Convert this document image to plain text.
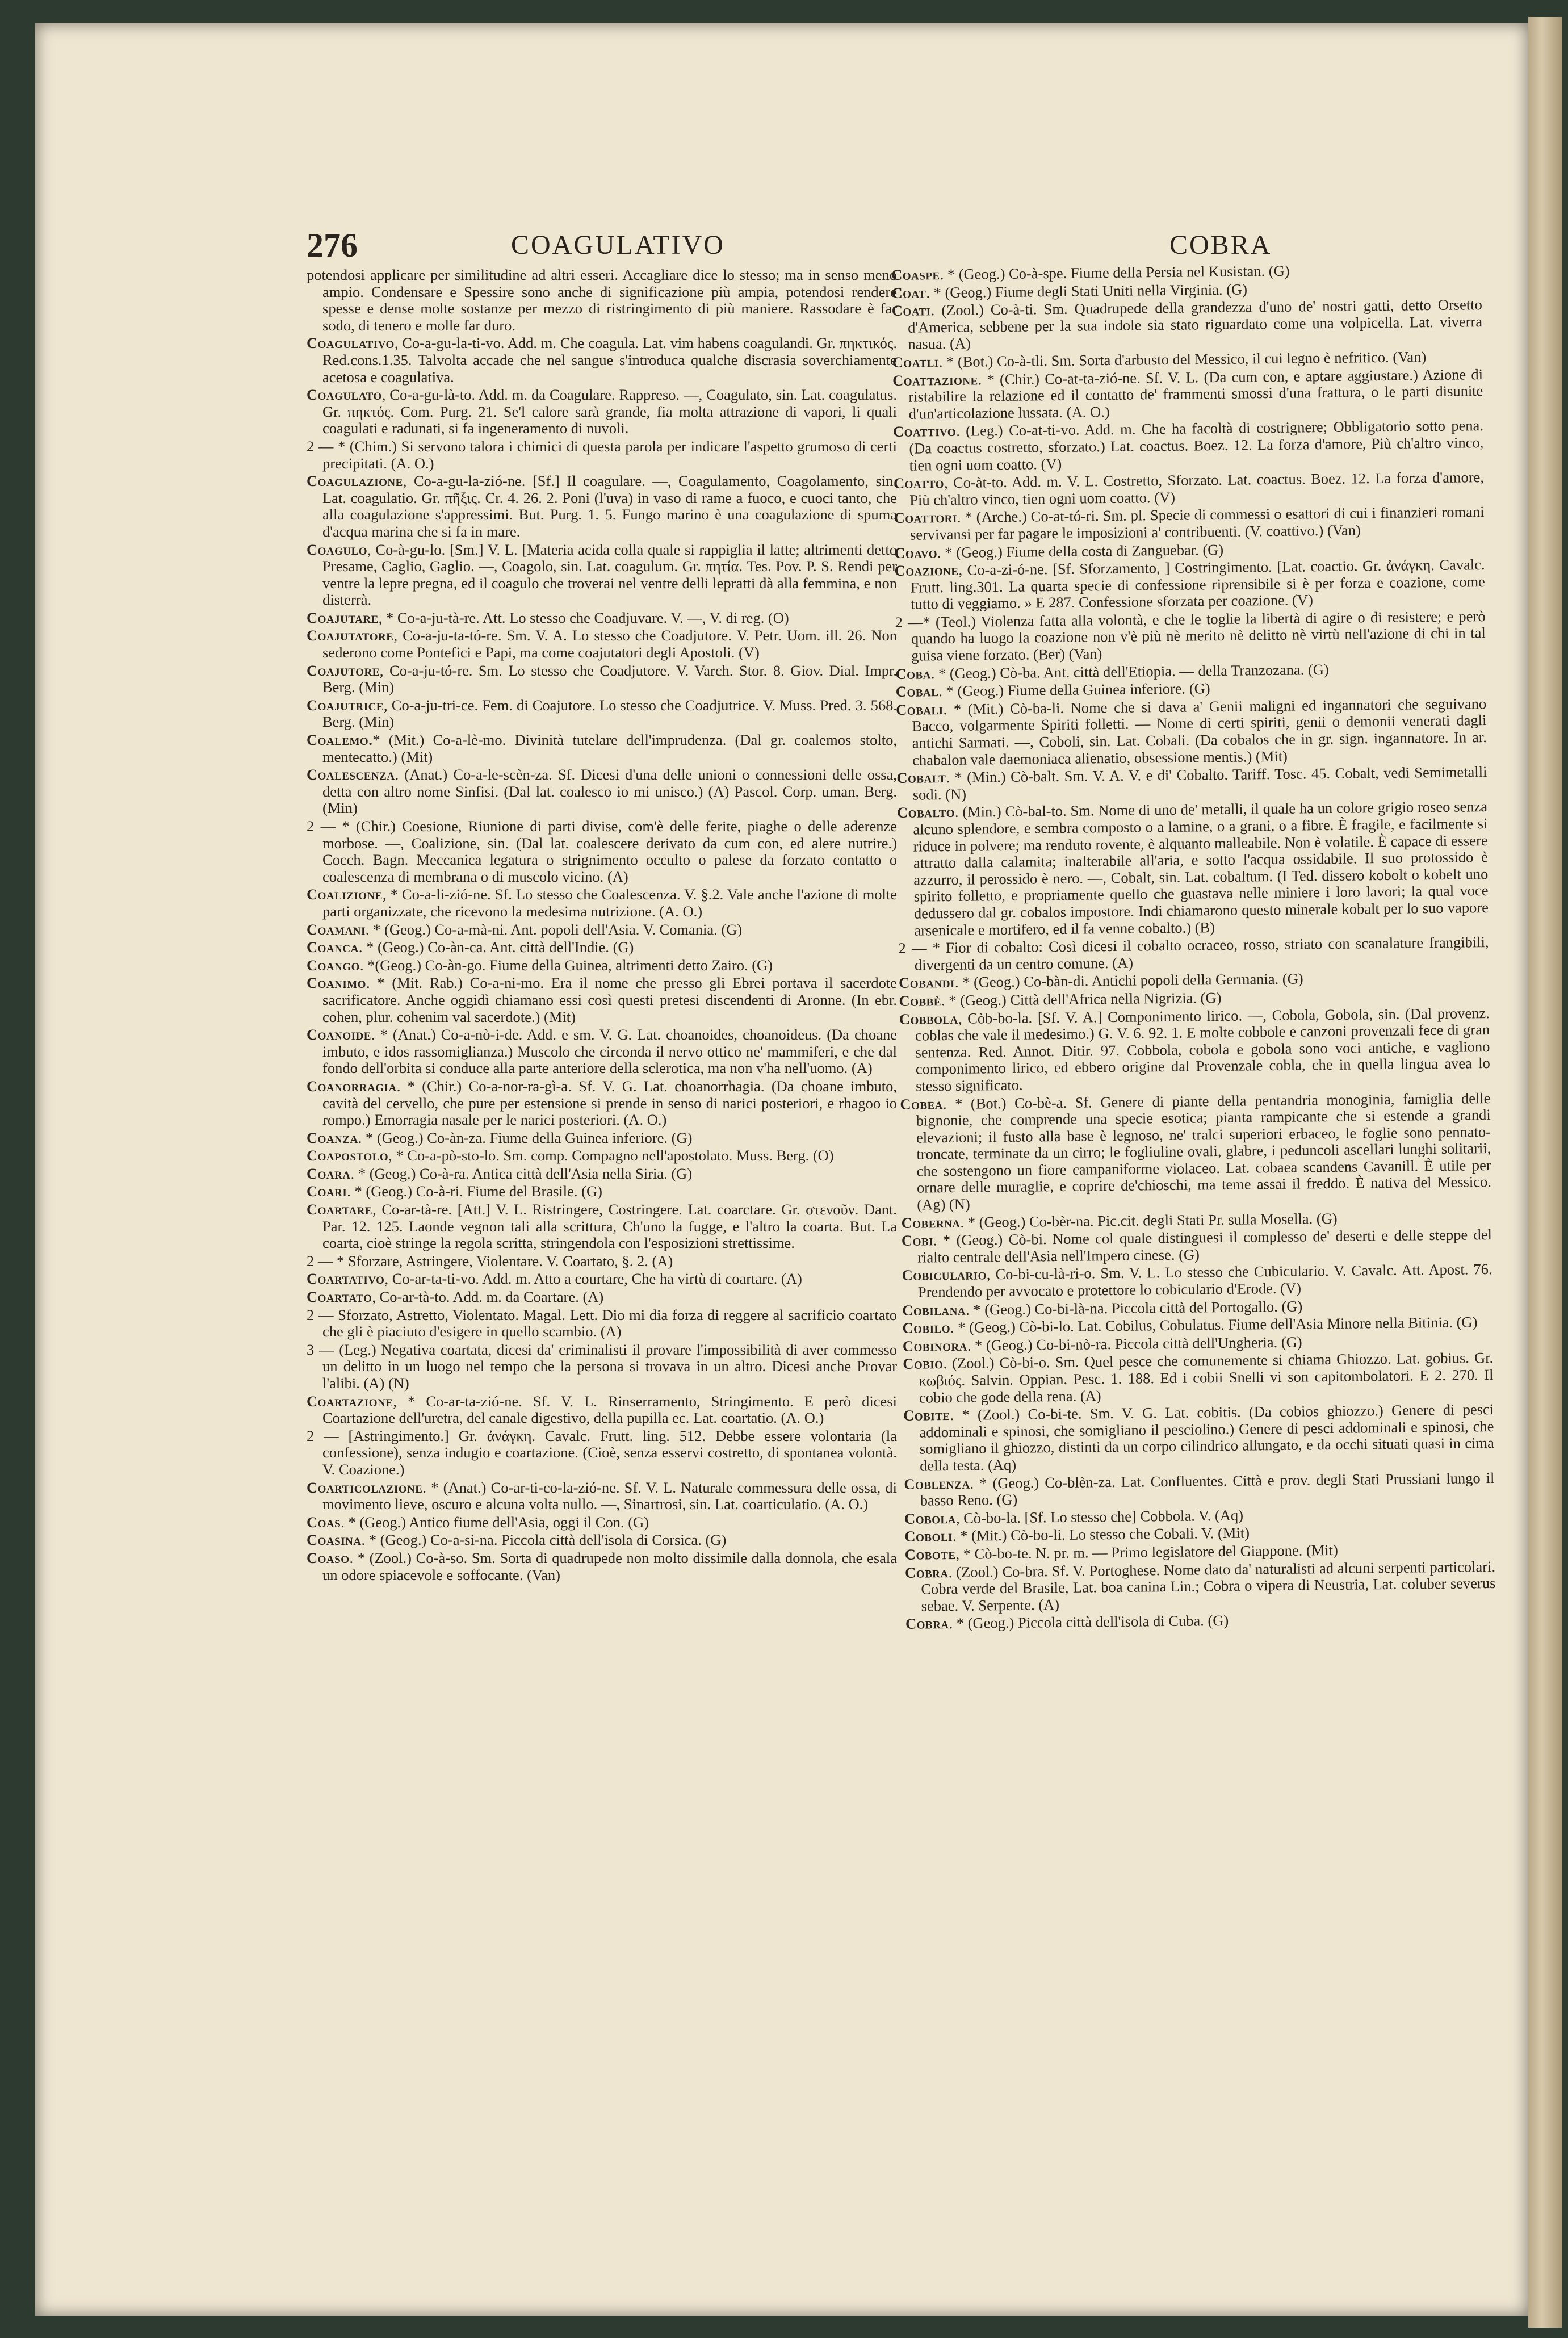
276	COAGULATIVO	COBRA

potendosi applicare per similitudine ad altri esseri. Accagliare dice lo stesso; ma in senso meno ampio. Condensare e Spessire sono anche di significazione più ampia, potendosi rendere spesse e dense molte sostanze per mezzo di ristringimento di più maniere. Rassodare è far sodo, di tenero e molle far duro.

Coagulativo, Co-a-gu-la-ti-vo. Add. m. Che coagula. Lat. vim habens coagulandi. Gr. πηκτικός. Red.cons.1.35. Talvolta accade che nel sangue s'introduca qualche discrasia soverchiamente acetosa e coagulativa.

Coagulato, Co-a-gu-là-to. Add. m. da Coagulare. Rappreso. —, Coagulato, sin. Lat. coagulatus. Gr. πηκτός. Com. Purg. 21. Se'l calore sarà grande, fia molta attrazione di vapori, li quali coagulati e radunati, si fa ingeneramento di nuvoli.

2 — * (Chim.) Si servono talora i chimici di questa parola per indicare l'aspetto grumoso di certi precipitati. (A. O.)

Coagulazione, Co-a-gu-la-zió-ne. [Sf.] Il coagulare. —, Coagulamento, Coagolamento, sin. Lat. coagulatio. Gr. πῆξις. Cr. 4. 26. 2. Poni (l'uva) in vaso di rame a fuoco, e cuoci tanto, che alla coagulazione s'appressimi. But. Purg. 1. 5. Fungo marino è una coagulazione di spuma d'acqua marina che si fa in mare.

Coagulo, Co-à-gu-lo. [Sm.] V. L. [Materia acida colla quale si rappiglia il latte; altrimenti detto Presame, Caglio, Gaglio. —, Coagolo, sin. Lat. coagulum. Gr. πητία. Tes. Pov. P. S. Rendi per ventre la lepre pregna, ed il coagulo che troverai nel ventre delli lepratti dà alla femmina, e non disterrà.

Coajutare, * Co-a-ju-tà-re. Att. Lo stesso che Coadjuvare. V. —, V. di reg. (O)

Coajutatore, Co-a-ju-ta-tó-re. Sm. V. A. Lo stesso che Coadjutore. V. Petr. Uom. ill. 26. Non sederono come Pontefici e Papi, ma come coajutatori degli Apostoli. (V)

Coajutore, Co-a-ju-tó-re. Sm. Lo stesso che Coadjutore. V. Varch. Stor. 8. Giov. Dial. Impr. Berg. (Min)

Coajutrice, Co-a-ju-tri-ce. Fem. di Coajutore. Lo stesso che Coadjutrice. V. Muss. Pred. 3. 568. Berg. (Min)

Coalemo.* (Mit.) Co-a-lè-mo. Divinità tutelare dell'imprudenza. (Dal gr. coalemos stolto, mentecatto.) (Mit)

Coalescenza. (Anat.) Co-a-le-scèn-za. Sf. Dicesi d'una delle unioni o connessioni delle ossa, detta con altro nome Sinfisi. (Dal lat. coalesco io mi unisco.) (A) Pascol. Corp. uman. Berg. (Min)

2 — * (Chir.) Coesione, Riunione di parti divise, com'è delle ferite, piaghe o delle aderenze morbose. —, Coalizione, sin. (Dal lat. coalescere derivato da cum con, ed alere nutrire.) Cocch. Bagn. Meccanica legatura o strignimento occulto o palese da forzato contatto o coalescenza di membrana o di muscolo vicino. (A)

Coalizione, * Co-a-li-zió-ne. Sf. Lo stesso che Coalescenza. V. §.2. Vale anche l'azione di molte parti organizzate, che ricevono la medesima nutrizione. (A. O.)

Coamani. * (Geog.) Co-a-mà-ni. Ant. popoli dell'Asia. V. Comania. (G)

Coanca. * (Geog.) Co-àn-ca. Ant. città dell'Indie. (G)

Coango. *(Geog.) Co-àn-go. Fiume della Guinea, altrimenti detto Zairo. (G)

Coanimo. * (Mit. Rab.) Co-a-ni-mo. Era il nome che presso gli Ebrei portava il sacerdote sacrificatore. Anche oggidì chiamano essi così questi pretesi discendenti di Aronne. (In ebr. cohen, plur. cohenim val sacerdote.) (Mit)

Coanoide. * (Anat.) Co-a-nò-i-de. Add. e sm. V. G. Lat. choanoides, choanoideus. (Da choane imbuto, e idos rassomiglianza.) Muscolo che circonda il nervo ottico ne' mammiferi, e che dal fondo dell'orbita si conduce alla parte anteriore della sclerotica, ma non v'ha nell'uomo. (A)

Coanorragia. * (Chir.) Co-a-nor-ra-gì-a. Sf. V. G. Lat. choanorrhagia. (Da choane imbuto, cavità del cervello, che pure per estensione si prende in senso di narici posteriori, e rhagoo io rompo.) Emorragia nasale per le narici posteriori. (A. O.)

Coanza. * (Geog.) Co-àn-za. Fiume della Guinea inferiore. (G)

Coapostolo, * Co-a-pò-sto-lo. Sm. comp. Compagno nell'apostolato. Muss. Berg. (O)

Coara. * (Geog.) Co-à-ra. Antica città dell'Asia nella Siria. (G)

Coari. * (Geog.) Co-à-ri. Fiume del Brasile. (G)

Coartare, Co-ar-tà-re. [Att.] V. L. Ristringere, Costringere. Lat. coarctare. Gr. στενοῦν. Dant. Par. 12. 125. Laonde vegnon tali alla scrittura, Ch'uno la fugge, e l'altro la coarta. But. La coarta, cioè stringe la regola scritta, stringendola con l'esposizioni strettissime.

2 — * Sforzare, Astringere, Violentare. V. Coartato, §. 2. (A)

Coartativo, Co-ar-ta-ti-vo. Add. m. Atto a courtare, Che ha virtù di coartare. (A)

Coartato, Co-ar-tà-to. Add. m. da Coartare. (A)

2 — Sforzato, Astretto, Violentato. Magal. Lett. Dio mi dia forza di reggere al sacrificio coartato che gli è piaciuto d'esigere in quello scambio. (A)

3 — (Leg.) Negativa coartata, dicesi da' criminalisti il provare l'impossibilità di aver commesso un delitto in un luogo nel tempo che la persona si trovava in un altro. Dicesi anche Provar l'alibi. (A) (N)

Coartazione, * Co-ar-ta-zió-ne. Sf. V. L. Rinserramento, Stringimento. E però dicesi Coartazione dell'uretra, del canale digestivo, della pupilla ec. Lat. coartatio. (A. O.)

2 — [Astringimento.] Gr. ἀνάγκη. Cavalc. Frutt. ling. 512. Debbe essere volontaria (la confessione), senza indugio e coartazione. (Cioè, senza esservi costretto, di spontanea volontà. V. Coazione.)

Coarticolazione. * (Anat.) Co-ar-ti-co-la-zió-ne. Sf. V. L. Naturale commessura delle ossa, di movimento lieve, oscuro e alcuna volta nullo. —, Sinartrosi, sin. Lat. coarticulatio. (A. O.)

Coas. * (Geog.) Antico fiume dell'Asia, oggi il Con. (G)

Coasina. * (Geog.) Co-a-si-na. Piccola città dell'isola di Corsica. (G)

Coaso. * (Zool.) Co-à-so. Sm. Sorta di quadrupede non molto dissimile dalla donnola, che esala un odore spiacevole e soffocante. (Van)

Coaspe. * (Geog.) Co-à-spe. Fiume della Persia nel Kusistan. (G)

Coat. * (Geog.) Fiume degli Stati Uniti nella Virginia. (G)

Coati. (Zool.) Co-à-ti. Sm. Quadrupede della grandezza d'uno de' nostri gatti, detto Orsetto d'America, sebbene per la sua indole sia stato riguardato come una volpicella. Lat. viverra nasua. (A)

Coatli. * (Bot.) Co-à-tli. Sm. Sorta d'arbusto del Messico, il cui legno è nefritico. (Van)

Coattazione. * (Chir.) Co-at-ta-zió-ne. Sf. V. L. (Da cum con, e aptare aggiustare.) Azione di ristabilire la relazione ed il contatto de' frammenti smossi d'una frattura, o le parti disunite d'un'articolazione lussata. (A. O.)

Coattivo. (Leg.) Co-at-ti-vo. Add. m. Che ha facoltà di costrignere; Obbligatorio sotto pena. (Da coactus costretto, sforzato.) Lat. coactus. Boez. 12. La forza d'amore, Più ch'altro vinco, tien ogni uom coatto. (V)

Coatto, Co-àt-to. Add. m. V. L. Costretto, Sforzato. Lat. coactus. Boez. 12. La forza d'amore, Più ch'altro vinco, tien ogni uom coatto. (V)

Coattori. * (Arche.) Co-at-tó-ri. Sm. pl. Specie di commessi o esattori di cui i finanzieri romani servivansi per far pagare le imposizioni a' contribuenti. (V. coattivo.) (Van)

Coavo. * (Geog.) Fiume della costa di Zanguebar. (G)

Coazione, Co-a-zi-ó-ne. [Sf. Sforzamento, ] Costringimento. [Lat. coactio. Gr. ἀνάγκη. Cavalc. Frutt. ling.301. La quarta specie di confessione riprensibile si è per forza e coazione, come tutto di veggiamo. » E 287. Confessione sforzata per coazione. (V)

2 —* (Teol.) Violenza fatta alla volontà, e che le toglie la libertà di agire o di resistere; e però quando ha luogo la coazione non v'è più nè merito nè delitto nè virtù nell'azione di chi in tal guisa viene forzato. (Ber) (Van)

Coba. * (Geog.) Cò-ba. Ant. città dell'Etiopia. — della Tranzozana. (G)

Cobal. * (Geog.) Fiume della Guinea inferiore. (G)

Cobali. * (Mit.) Cò-ba-li. Nome che si dava a' Genii maligni ed ingannatori che seguivano Bacco, volgarmente Spiriti folletti. — Nome di certi spiriti, genii o demonii venerati dagli antichi Sarmati. —, Coboli, sin. Lat. Cobali. (Da cobalos che in gr. sign. ingannatore. In ar. chabalon vale daemoniaca alienatio, obsessione mentis.) (Mit)

Cobalt. * (Min.) Cò-balt. Sm. V. A. V. e di' Cobalto. Tariff. Tosc. 45. Cobalt, vedi Semimetalli sodi. (N)

Cobalto. (Min.) Cò-bal-to. Sm. Nome di uno de' metalli, il quale ha un colore grigio roseo senza alcuno splendore, e sembra composto o a lamine, o a grani, o a fibre. È fragile, e facilmente si riduce in polvere; ma renduto rovente, è alquanto malleabile. Non è volatile. È capace di essere attratto dalla calamita; inalterabile all'aria, e sotto l'acqua ossidabile. Il suo protossido è azzurro, il perossido è nero. —, Cobalt, sin. Lat. cobaltum. (I Ted. dissero kobolt o kobelt uno spirito folletto, e propriamente quello che guastava nelle miniere i loro lavori; la qual voce dedussero dal gr. cobalos impostore. Indi chiamarono questo minerale kobalt per lo suo vapore arsenicale e mortifero, ed il fa venne cobalto.) (B)

2 — * Fior di cobalto: Così dicesi il cobalto ocraceo, rosso, striato con scanalature frangibili, divergenti da un centro comune. (A)

Cobandi. * (Geog.) Co-bàn-di. Antichi popoli della Germania. (G)

Cobbè. * (Geog.) Città dell'Africa nella Nigrizia. (G)

Cobbola, Còb-bo-la. [Sf. V. A.] Componimento lirico. —, Cobola, Gobola, sin. (Dal provenz. coblas che vale il medesimo.) G. V. 6. 92. 1. E molte cobbole e canzoni provenzali fece di gran sentenza. Red. Annot. Ditir. 97. Cobbola, cobola e gobola sono voci antiche, e vagliono componimento lirico, ed ebbero origine dal Provenzale cobla, che in quella lingua avea lo stesso significato.

Cobea. * (Bot.) Co-bè-a. Sf. Genere di piante della pentandria monoginia, famiglia delle bignonie, che comprende una specie esotica; pianta rampicante che si estende a grandi elevazioni; il fusto alla base è legnoso, ne' tralci superiori erbaceo, le foglie sono pennato-troncate, terminate da un cirro; le fogliuline ovali, glabre, i peduncoli ascellari lunghi solitarii, che sostengono un fiore campaniforme violaceo. Lat. cobaea scandens Cavanill. È utile per ornare delle muraglie, e coprire de'chioschi, ma teme assai il freddo. È nativa del Messico. (Ag) (N)

Coberna. * (Geog.) Co-bèr-na. Pic.cit. degli Stati Pr. sulla Mosella. (G)

Cobi. * (Geog.) Cò-bi. Nome col quale distinguesi il complesso de' deserti e delle steppe del rialto centrale dell'Asia nell'Impero cinese. (G)

Cobiculario, Co-bi-cu-là-ri-o. Sm. V. L. Lo stesso che Cubiculario. V. Cavalc. Att. Apost. 76. Prendendo per avvocato e protettore lo cobiculario d'Erode. (V)

Cobilana. * (Geog.) Co-bi-là-na. Piccola città del Portogallo. (G)

Cobilo. * (Geog.) Cò-bi-lo. Lat. Cobilus, Cobulatus. Fiume dell'Asia Minore nella Bitinia. (G)

Cobinora. * (Geog.) Co-bi-nò-ra. Piccola città dell'Ungheria. (G)

Cobio. (Zool.) Cò-bi-o. Sm. Quel pesce che comunemente si chiama Ghiozzo. Lat. gobius. Gr. κωβιός. Salvin. Oppian. Pesc. 1. 188. Ed i cobii Snelli vi son capitombolatori. E 2. 270. Il cobio che gode della rena. (A)

Cobite. * (Zool.) Co-bi-te. Sm. V. G. Lat. cobitis. (Da cobios ghiozzo.) Genere di pesci addominali e spinosi, che somigliano il pesciolino.) Genere di pesci addominali e spinosi, che somigliano il ghiozzo, distinti da un corpo cilindrico allungato, e da occhi situati quasi in cima della testa. (Aq)

Coblenza. * (Geog.) Co-blèn-za. Lat. Confluentes. Città e prov. degli Stati Prussiani lungo il basso Reno. (G)

Cobola, Cò-bo-la. [Sf. Lo stesso che] Cobbola. V. (Aq)

Coboli. * (Mit.) Cò-bo-li. Lo stesso che Cobali. V. (Mit)

Cobote, * Cò-bo-te. N. pr. m. — Primo legislatore del Giappone. (Mit)

Cobra. (Zool.) Co-bra. Sf. V. Portoghese. Nome dato da' naturalisti ad alcuni serpenti particolari. Cobra verde del Brasile, Lat. boa canina Lin.; Cobra o vipera di Neustria, Lat. coluber severus sebae. V. Serpente. (A)

Cobra. * (Geog.) Piccola città dell'isola di Cuba. (G)
